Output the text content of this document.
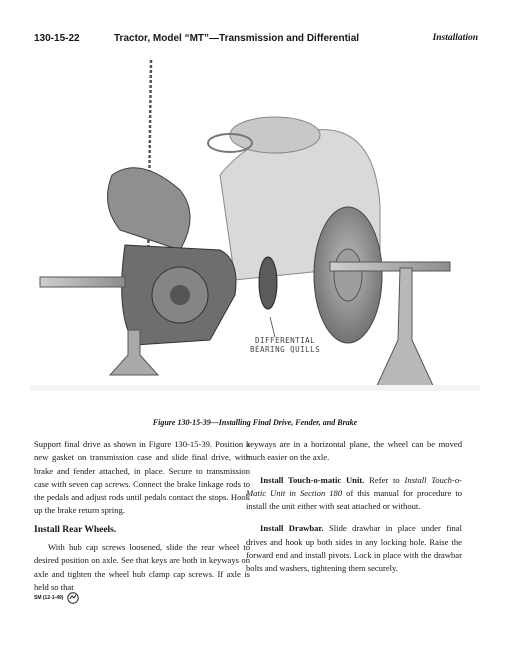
130-15-22	Tractor, Model “MT”—Transmission and Differential	Installation
DIFFERENTIAL
BEARING QUILLS
Figure 130-15-39—Installing Final Drive, Fender, and Brake

Support final drive as shown in Figure 130-15-39. Position a new gasket on transmission case and slide final drive, with brake and fender attached, in place. Secure to transmission case with seven cap screws. Connect the brake linkage rods to the pedals and adjust rods until pedals contact the stops. Hook up the brake return spring.

Install Rear Wheels.

With hub cap screws loosened, slide the rear wheel to desired position on axle. See that keys are both in keyways on axle and tighten the wheel hub clamp cap screws. If axle is held so that

keyways are in a horizontal plane, the wheel can be moved much easier on the axle.

Install Touch-o-matic Unit. Refer to Install Touch-o-Matic Unit in Section 180 of this manual for procedure to install the unit either with seat attached or without.

Install Drawbar. Slide drawbar in place under final drives and hook up both sides in any locking hole. Raise the forward end and install pivots. Lock in place with the drawbar bolts and washers, tightening them securely.

SM (12-1-49)
